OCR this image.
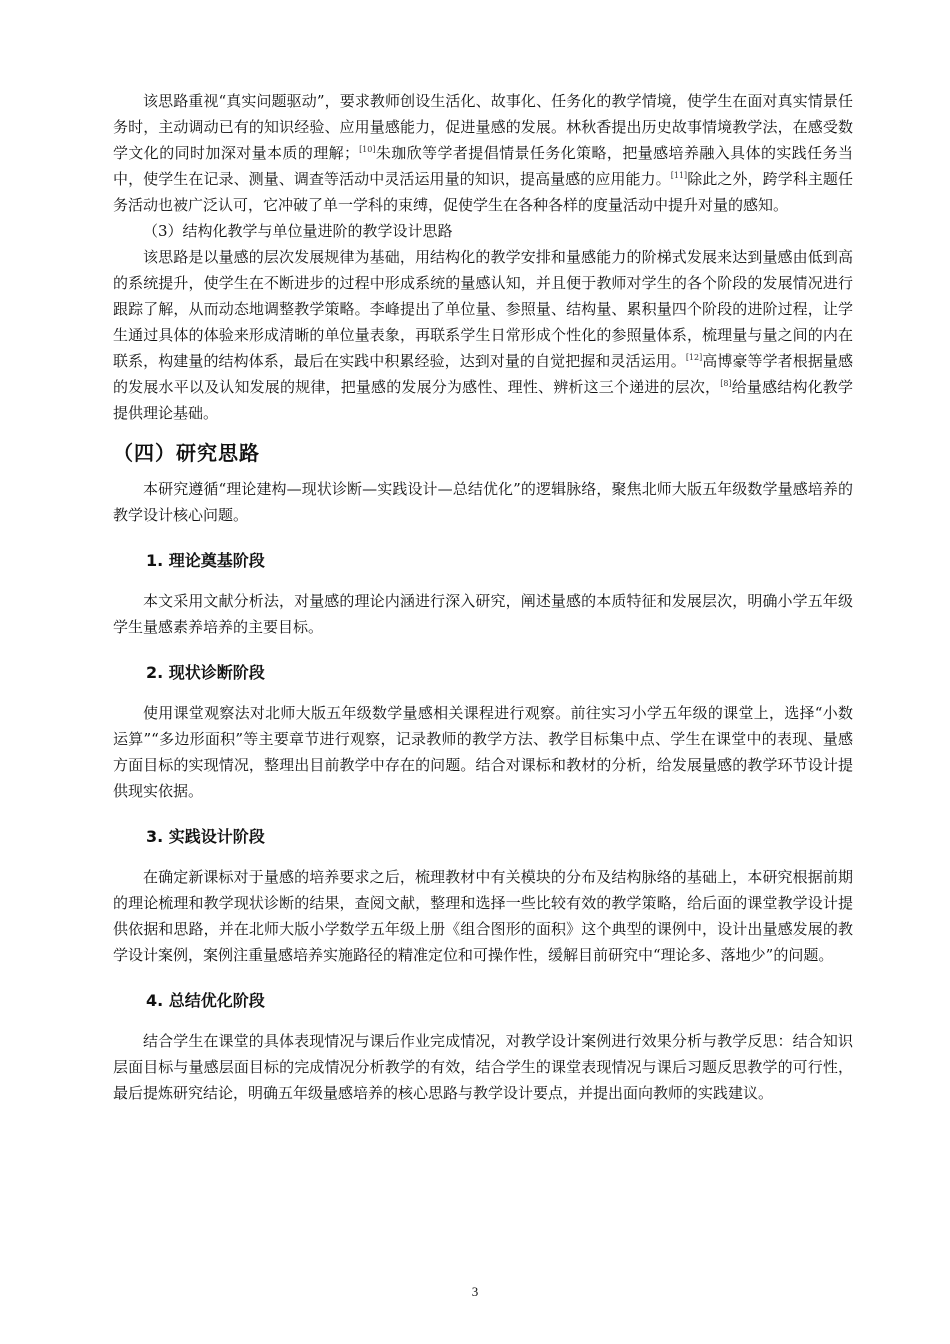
该思路重视“真实问题驱动”，要求教师创设生活化、故事化、任务化的教学情境，使学生在面对真实情景任务时，主动调动已有的知识经验、应用量感能力，促进量感的发展。林秋香提出历史故事情境教学法，在感受数学文化的同时加深对量本质的理解；[10]朱珈欣等学者提倡情景任务化策略，把量感培养融入具体的实践任务当中，使学生在记录、测量、调查等活动中灵活运用量的知识，提高量感的应用能力。[11]除此之外，跨学科主题任务活动也被广泛认可，它冲破了单一学科的束缚，促使学生在各种各样的度量活动中提升对量的感知。

（3）结构化教学与单位量进阶的教学设计思路

该思路是以量感的层次发展规律为基础，用结构化的教学安排和量感能力的阶梯式发展来达到量感由低到高的系统提升，使学生在不断进步的过程中形成系统的量感认知，并且便于教师对学生的各个阶段的发展情况进行跟踪了解，从而动态地调整教学策略。李峰提出了单位量、参照量、结构量、累积量四个阶段的进阶过程，让学生通过具体的体验来形成清晰的单位量表象，再联系学生日常形成个性化的参照量体系，梳理量与量之间的内在联系，构建量的结构体系，最后在实践中积累经验，达到对量的自觉把握和灵活运用。[12]高博豪等学者根据量感的发展水平以及认知发展的规律，把量感的发展分为感性、理性、辨析这三个递进的层次，[8]给量感结构化教学提供理论基础。

（四）研究思路

本研究遵循“理论建构—现状诊断—实践设计—总结优化”的逻辑脉络，聚焦北师大版五年级数学量感培养的教学设计核心问题。

1. 理论奠基阶段

本文采用文献分析法，对量感的理论内涵进行深入研究，阐述量感的本质特征和发展层次，明确小学五年级学生量感素养培养的主要目标。

2. 现状诊断阶段

使用课堂观察法对北师大版五年级数学量感相关课程进行观察。前往实习小学五年级的课堂上，选择“小数运算”“多边形面积”等主要章节进行观察，记录教师的教学方法、教学目标集中点、学生在课堂中的表现、量感方面目标的实现情况，整理出目前教学中存在的问题。结合对课标和教材的分析，给发展量感的教学环节设计提供现实依据。

3. 实践设计阶段

在确定新课标对于量感的培养要求之后，梳理教材中有关模块的分布及结构脉络的基础上，本研究根据前期的理论梳理和教学现状诊断的结果，查阅文献，整理和选择一些比较有效的教学策略，给后面的课堂教学设计提供依据和思路，并在北师大版小学数学五年级上册《组合图形的面积》这个典型的课例中，设计出量感发展的教学设计案例，案例注重量感培养实施路径的精准定位和可操作性，缓解目前研究中“理论多、落地少”的问题。

4. 总结优化阶段

结合学生在课堂的具体表现情况与课后作业完成情况，对教学设计案例进行效果分析与教学反思：结合知识层面目标与量感层面目标的完成情况分析教学的有效，结合学生的课堂表现情况与课后习题反思教学的可行性，最后提炼研究结论，明确五年级量感培养的核心思路与教学设计要点，并提出面向教师的实践建议。

3
